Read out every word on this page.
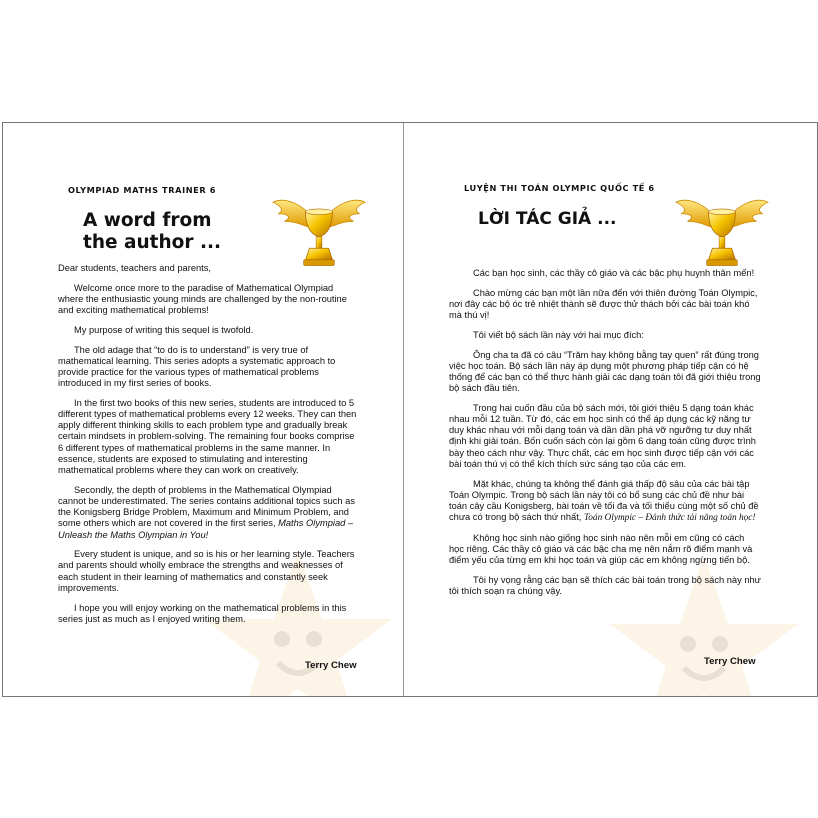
OLYMPIAD MATHS TRAINER 6
A word from
the author ...

Dear students, teachers and parents,

Welcome once more to the paradise of Mathematical Olympiad where the enthusiastic young minds are challenged by the non-routine and exciting mathematical problems!

My purpose of writing this sequel is twofold.

The old adage that “to do is to understand” is very true of mathematical learning. This series adopts a systematic approach to provide practice for the various types of mathematical problems introduced in my first series of books.

In the first two books of this new series, students are introduced to 5 different types of mathematical problems every 12 weeks. They can then apply different thinking skills to each problem type and gradually break certain mindsets in problem-solving. The remaining four books comprise 6 different types of mathematical problems in the same manner. In essence, students are exposed to stimulating and interesting mathematical problems where they can work on creatively.

Secondly, the depth of problems in the Mathematical Olympiad cannot be underestimated. The series contains additional topics such as the Konigsberg Bridge Problem, Maximum and Minimum Problem, and some others which are not covered in the first series, Maths Olympiad – Unleash the Maths Olympian in You!

Every student is unique, and so is his or her learning style. Teachers and parents should wholly embrace the strengths and weaknesses of each student in their learning of mathematics and constantly seek improvements.

I hope you will enjoy working on the mathematical problems in this series just as much as I enjoyed writing them.

Terry Chew
LUYỆN THI TOÁN OLYMPIC QUỐC TẾ 6
LỜI TÁC GIẢ ...

Các bạn học sinh, các thầy cô giáo và các bậc phụ huynh thân mến!

Chào mừng các bạn một lần nữa đến với thiên đường Toán Olympic, nơi đây các bộ óc trẻ nhiệt thành sẽ được thử thách bởi các bài toán khó mà thú vị!

Tôi viết bộ sách lần này với hai mục đích:

Ông cha ta đã có câu “Trăm hay không bằng tay quen” rất đúng trong việc học toán. Bộ sách lần này áp dụng một phương pháp tiếp cận có hệ thống để các bạn có thể thực hành giải các dạng toán tôi đã giới thiệu trong bộ sách đầu tiên.

Trong hai cuốn đầu của bộ sách mới, tôi giới thiệu 5 dạng toán khác nhau mỗi 12 tuần. Từ đó, các em học sinh có thể áp dụng các kỹ năng tư duy khác nhau với mỗi dạng toán và dần dần phá vỡ ngưỡng tư duy nhất định khi giải toán. Bốn cuốn sách còn lại gồm 6 dạng toán cũng được trình bày theo cách như vậy. Thực chất, các em học sinh được tiếp cận với các bài toán thú vị có thể kích thích sức sáng tạo của các em.

Mặt khác, chúng ta không thể đánh giá thấp độ sâu của các bài tập Toán Olympic. Trong bộ sách lần này tôi có bổ sung các chủ đề như bài toán cây cầu Konigsberg, bài toán về tối đa và tối thiểu cùng một số chủ đề chưa có trong bộ sách thứ nhất, Toán Olympic – Đánh thức tài năng toán học!

Không học sinh nào giống học sinh nào nên mỗi em cũng có cách học riêng. Các thầy cô giáo và các bậc cha mẹ nên nắm rõ điểm mạnh và điểm yếu của từng em khi học toán và giúp các em không ngừng tiến bộ.

Tôi hy vọng rằng các bạn sẽ thích các bài toán trong bộ sách này như tôi thích soạn ra chúng vậy.

Terry Chew
